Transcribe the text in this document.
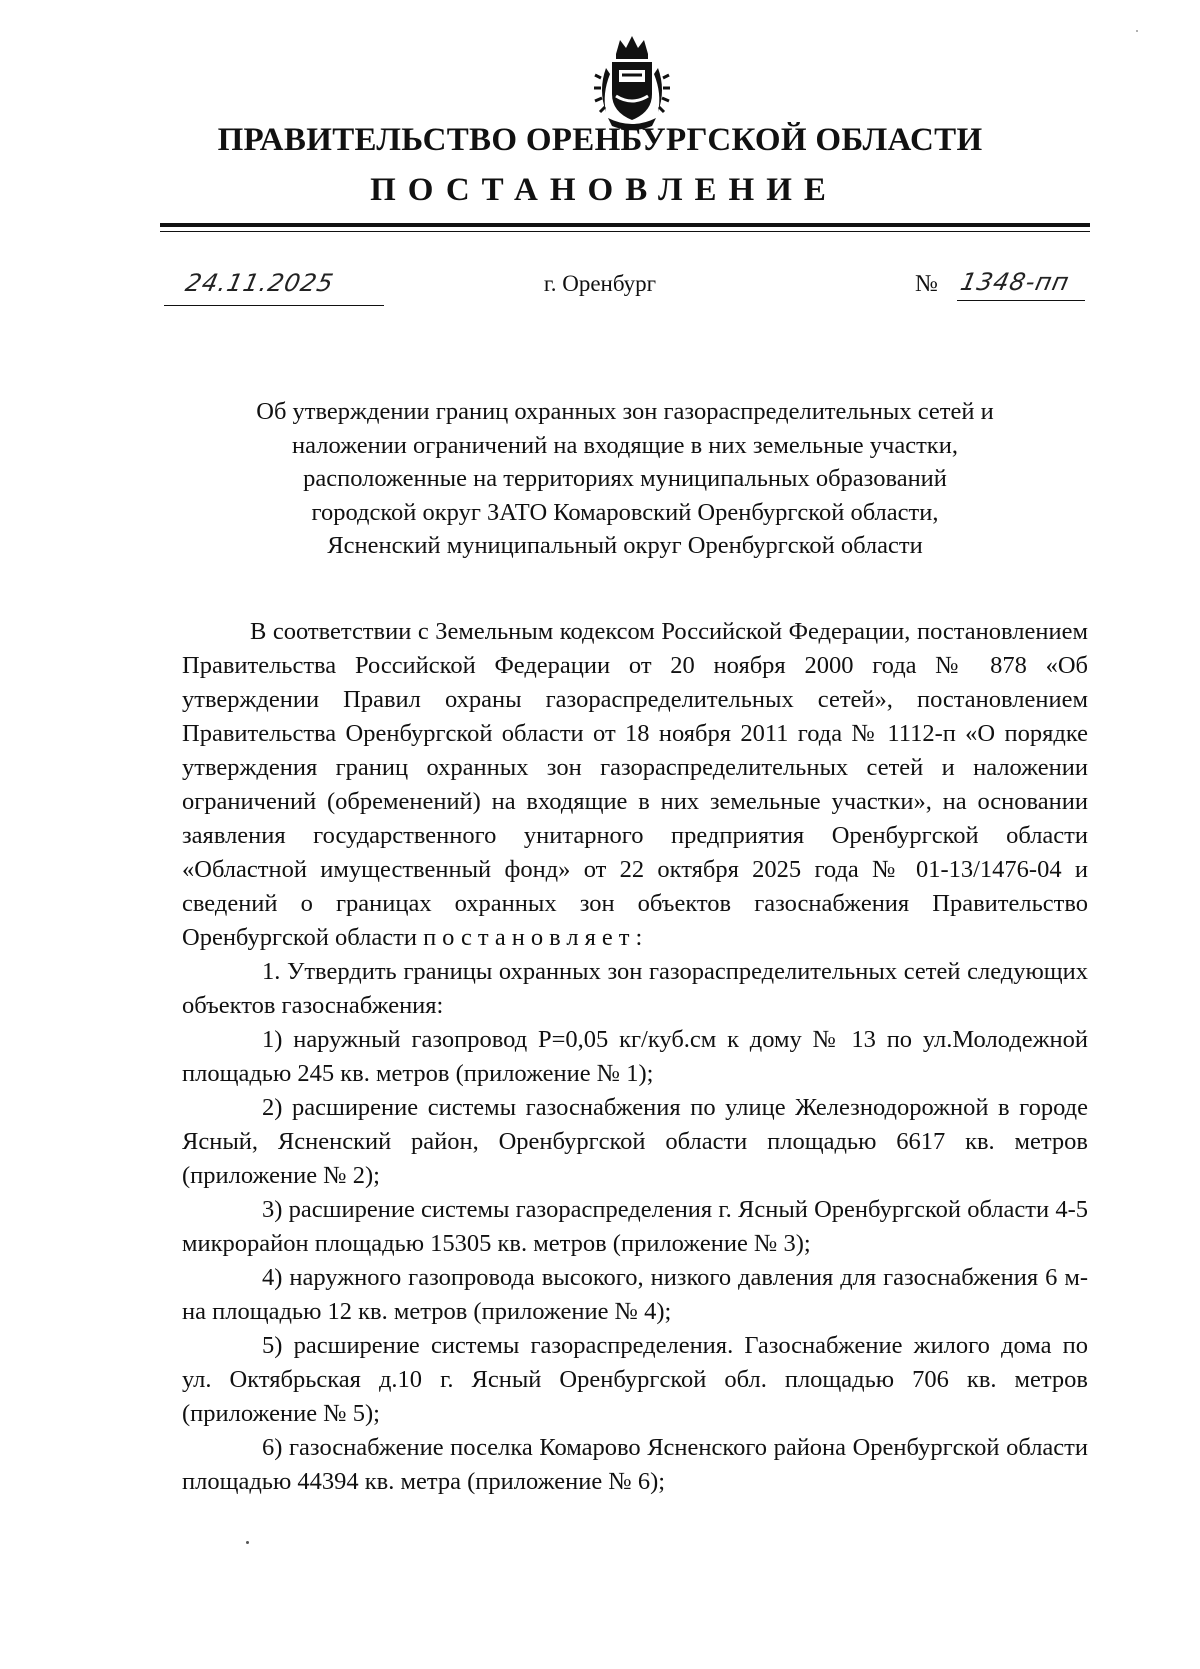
ПРАВИТЕЛЬСТВО ОРЕНБУРГСКОЙ ОБЛАСТИ
ПОСТАНОВЛЕНИЕ
24.11.2025	г. Оренбург	№ 1348-пп
Об утверждении границ охранных зон газораспределительных сетей и
наложении ограничений на входящие в них земельные участки,
расположенные на территориях муниципальных образований
городской округ ЗАТО Комаровский Оренбургской области,
Ясненский муниципальный округ Оренбургской области

В соответствии с Земельным кодексом Российской Федерации, постановлением Правительства Российской Федерации от 20 ноября 2000 года № 878 «Об утверждении Правил охраны газораспределительных сетей», постановлением Правительства Оренбургской области от 18 ноября 2011 года № 1112-п «О порядке утверждения границ охранных зон газораспределительных сетей и наложении ограничений (обременений) на входящие в них земельные участки», на основании заявления государственного унитарного предприятия Оренбургской области «Областной имущественный фонд» от 22 октября 2025 года № 01-13/1476-04 и сведений о границах охранных зон объектов газоснабжения Правительство Оренбургской области постановляет:

1. Утвердить границы охранных зон газораспределительных сетей следующих объектов газоснабжения:

1) наружный газопровод Р=0,05 кг/куб.см к дому № 13 по ул.Молодежной площадью 245 кв. метров (приложение № 1);

2) расширение системы газоснабжения по улице Железнодорожной в городе Ясный, Ясненский район, Оренбургской области площадью 6617 кв. метров (приложение № 2);

3) расширение системы газораспределения г. Ясный Оренбургской области 4-5 микрорайон площадью 15305 кв. метров (приложение № 3);

4) наружного газопровода высокого, низкого давления для газоснабжения 6 м-на площадью 12 кв. метров (приложение № 4);

5) расширение системы газораспределения. Газоснабжение жилого дома по ул. Октябрьская д.10 г. Ясный Оренбургской обл. площадью 706 кв. метров (приложение № 5);

6) газоснабжение поселка Комарово Ясненского района Оренбургской области площадью 44394 кв. метра (приложение № 6);
